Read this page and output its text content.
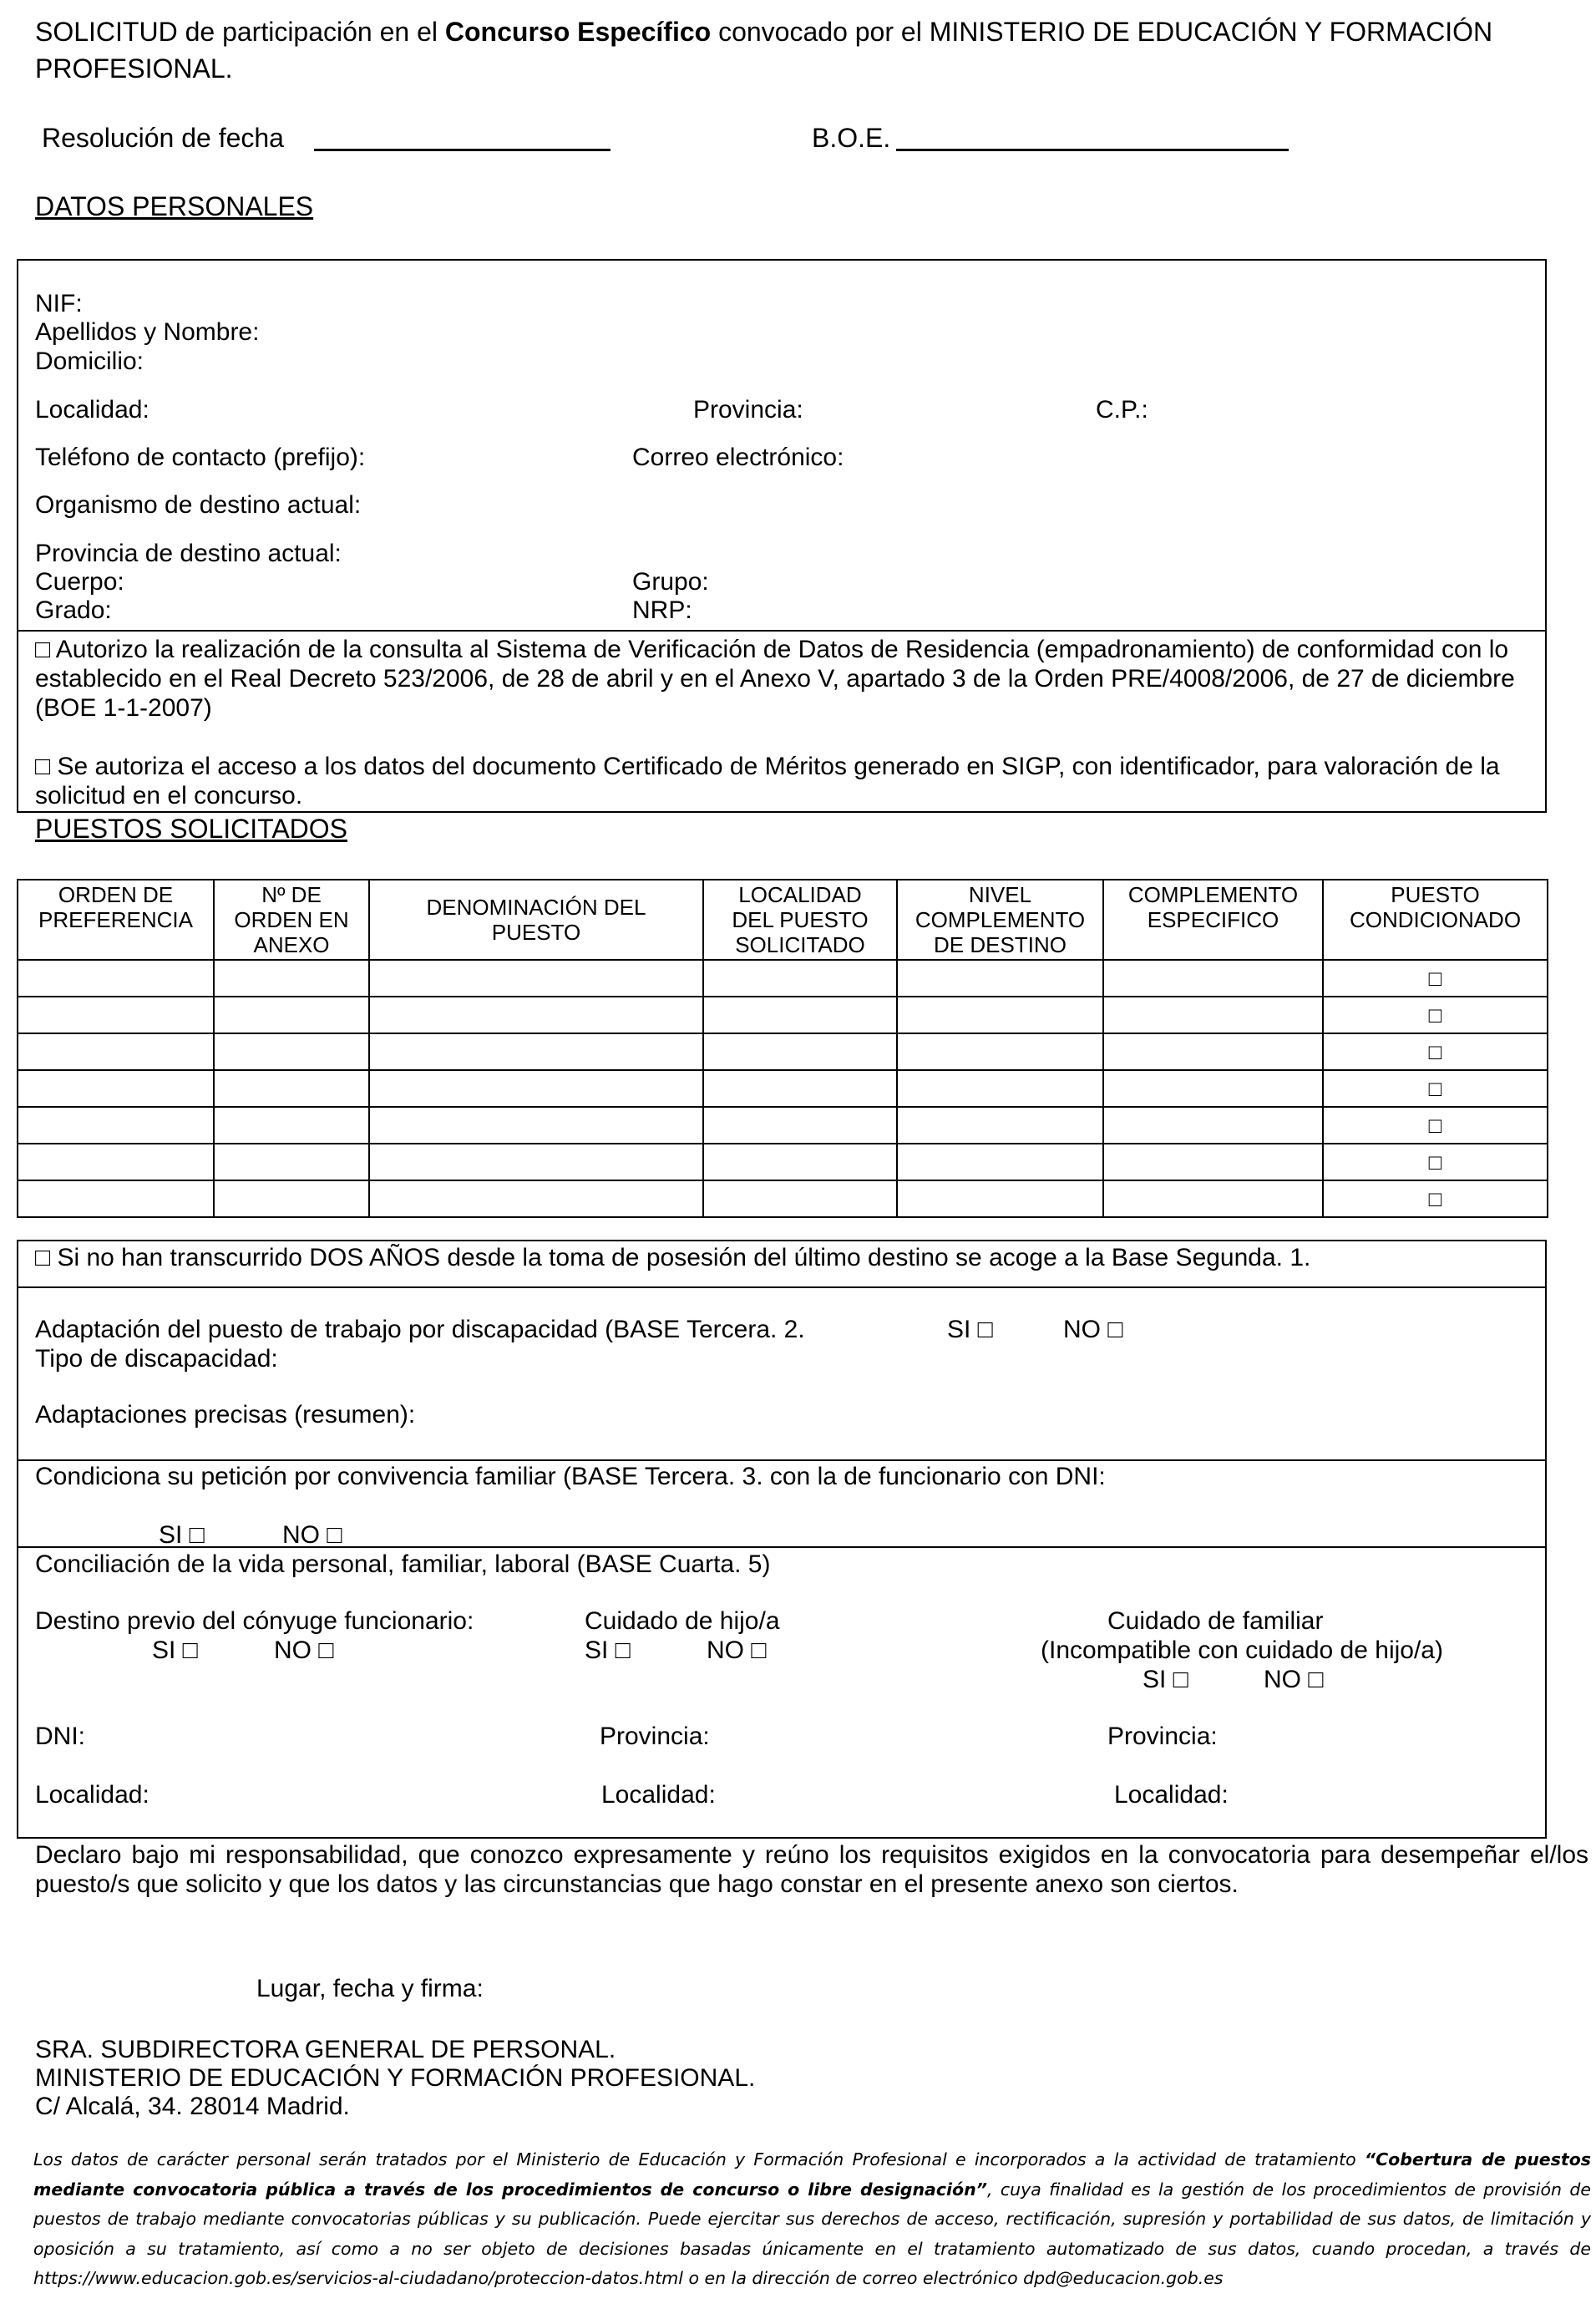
SOLICITUD de participación en el Concurso Específico convocado por el MINISTERIO DE EDUCACIÓN Y FORMACIÓN PROFESIONAL.
Resolución de fecha	B.O.E.
DATOS PERSONALES
NIF:
Apellidos y Nombre:
Domicilio:
Localidad:	Provincia:	C.P.:
Teléfono de contacto (prefijo):	Correo electrónico:
Organismo de destino actual:
Provincia de destino actual:
Cuerpo:	Grupo:
Grado:	NRP:
□ Autorizo la realización de la consulta al Sistema de Verificación de Datos de Residencia (empadronamiento) de conformidad con lo establecido en el Real Decreto 523/2006, de 28 de abril y en el Anexo V, apartado 3 de la Orden PRE/4008/2006, de 27 de diciembre (BOE 1-1-2007)
□ Se autoriza el acceso a los datos del documento Certificado de Méritos generado en SIGP, con identificador, para valoración de la solicitud en el concurso.
PUESTOS SOLICITADOS
ORDEN DE PREFERENCIA	Nº DE ORDEN EN ANEXO	DENOMINACIÓN DEL PUESTO	LOCALIDAD DEL PUESTO SOLICITADO	NIVEL COMPLEMENTO DE DESTINO	COMPLEMENTO ESPECIFICO	PUESTO CONDICIONADO
						□
						□
						□
						□
						□
						□
						□
□ Si no han transcurrido DOS AÑOS desde la toma de posesión del último destino se acoge a la Base Segunda. 1.
Adaptación del puesto de trabajo por discapacidad (BASE Tercera. 2.	SI □	NO □
Tipo de discapacidad:
Adaptaciones precisas (resumen):
Condiciona su petición por convivencia familiar (BASE Tercera. 3. con la de funcionario con DNI:
SI □	NO □
Conciliación de la vida personal, familiar, laboral (BASE Cuarta. 5)
Destino previo del cónyuge funcionario:	Cuidado de hijo/a	Cuidado de familiar
SI □	NO □	SI □	NO □	(Incompatible con cuidado de hijo/a)
SI □	NO □
DNI:	Provincia:	Provincia:
Localidad:	Localidad:	Localidad:
Declaro bajo mi responsabilidad, que conozco expresamente y reúno los requisitos exigidos en la convocatoria para desempeñar el/los puesto/s que solicito y que los datos y las circunstancias que hago constar en el presente anexo son ciertos.
Lugar, fecha y firma:
SRA. SUBDIRECTORA GENERAL DE PERSONAL.
MINISTERIO DE EDUCACIÓN Y FORMACIÓN PROFESIONAL.
C/ Alcalá, 34. 28014 Madrid.
Los datos de carácter personal serán tratados por el Ministerio de Educación y Formación Profesional e incorporados a la actividad de tratamiento “Cobertura de puestos mediante convocatoria pública a través de los procedimientos de concurso o libre designación”, cuya finalidad es la gestión de los procedimientos de provisión de puestos de trabajo mediante convocatorias públicas y su publicación. Puede ejercitar sus derechos de acceso, rectificación, supresión y portabilidad de sus datos, de limitación y oposición a su tratamiento, así como a no ser objeto de decisiones basadas únicamente en el tratamiento automatizado de sus datos, cuando procedan, a través de https://www.educacion.gob.es/servicios-al-ciudadano/proteccion-datos.html o en la dirección de correo electrónico dpd@educacion.gob.es
